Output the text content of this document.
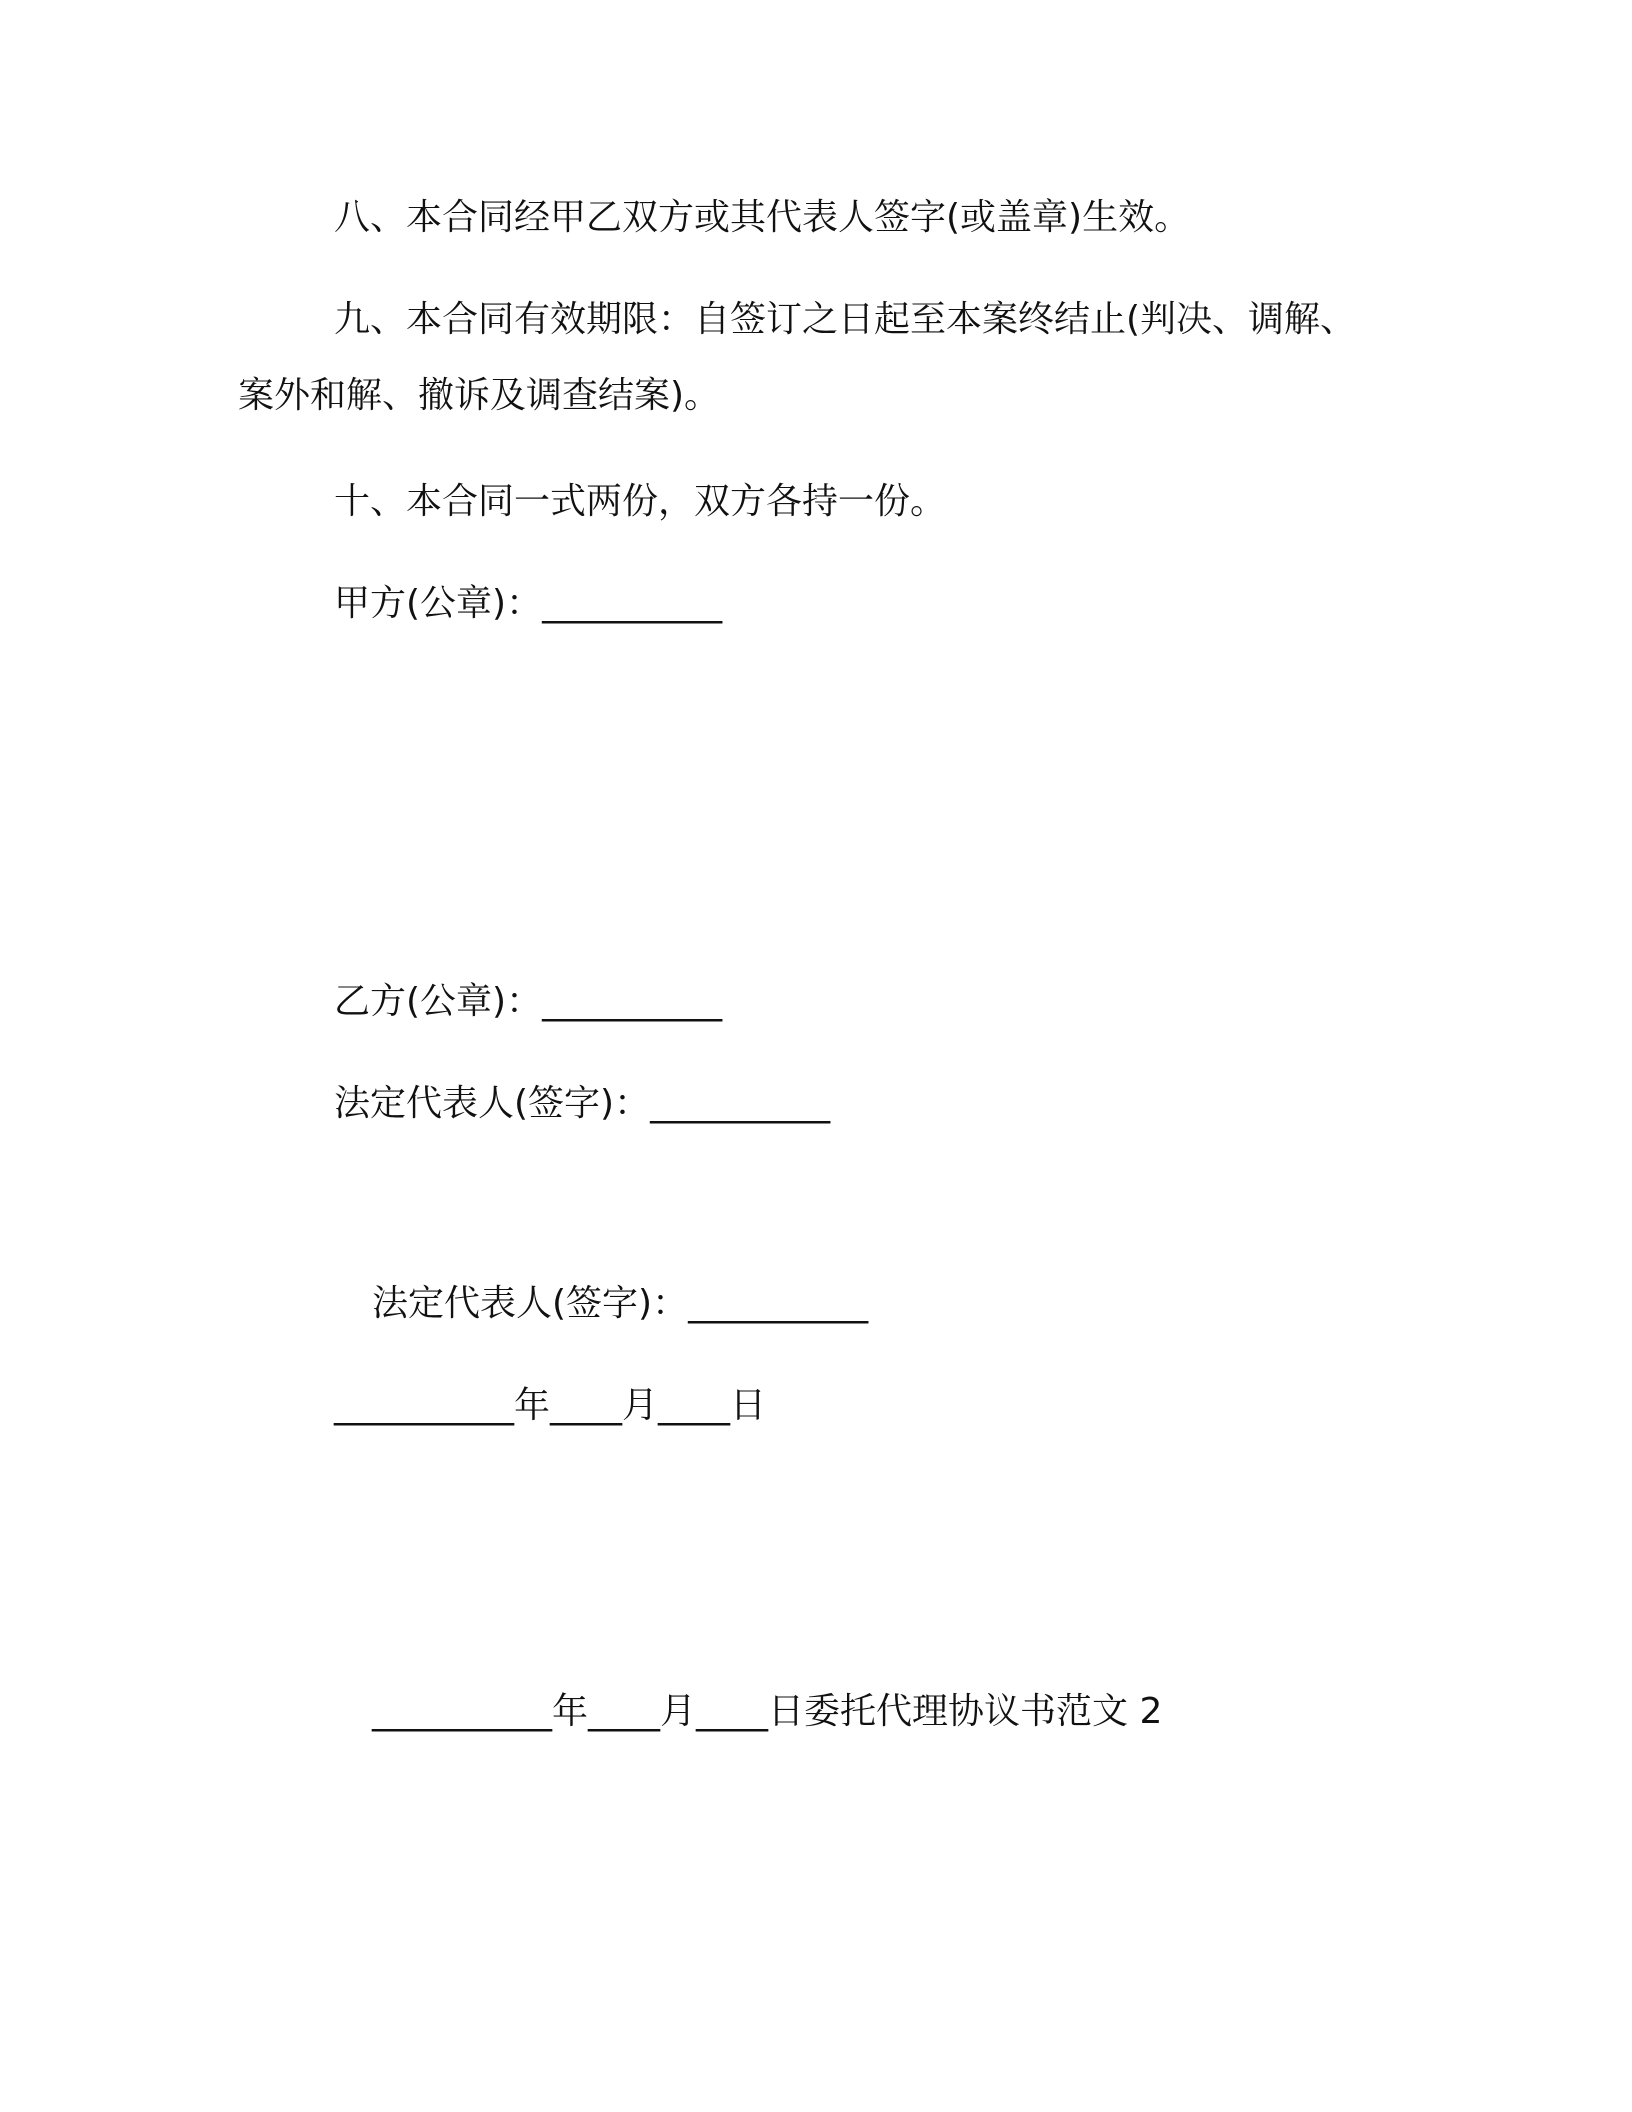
八、本合同经甲乙双方或其代表人签字(或盖章)生效。
九、本合同有效期限：自签订之日起至本案终结止(判决、调解、
案外和解、撤诉及调查结案)。
十、本合同一式两份，双方各持一份。
甲方(公章)：__________
乙方(公章)：__________
法定代表人(签字)：__________
法定代表人(签字)：__________
__________年____月____日
__________年____月____日委托代理协议书范文 2
